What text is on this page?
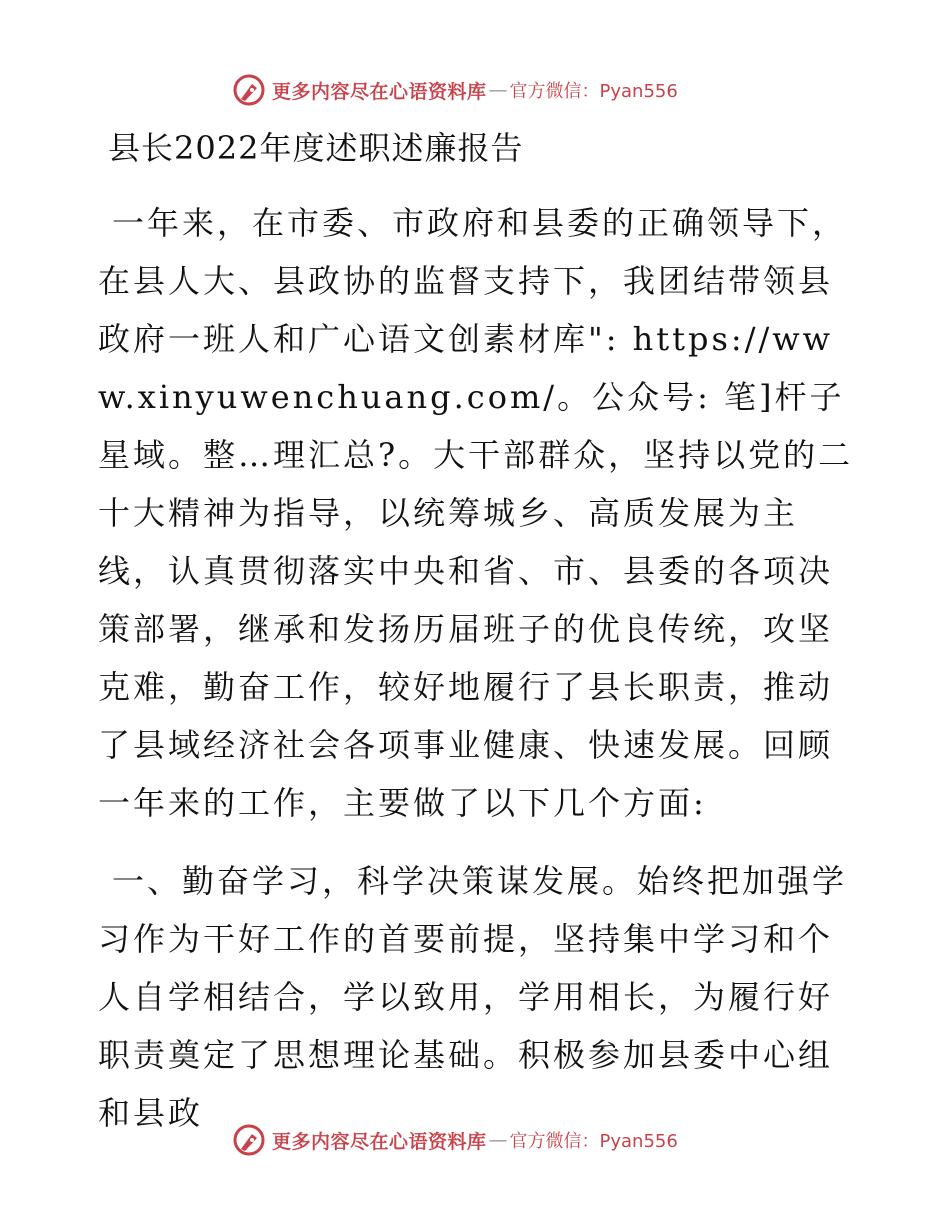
更多内容尽在心语资料库 — 官方微信：Pyan556
县长2022年度述职述廉报告

一年来，在市委、市政府和县委的正确领导下，在县人大、县政协的监督支持下，我团结带领县政府一班人和广心语文创素材库": https://www.xinyuwenchuang.com/。公众号: 笔]杆子星域。整…理汇总?。大干部群众，坚持以党的二十大精神为指导，以统筹城乡、高质发展为主线，认真贯彻落实中央和省、市、县委的各项决策部署，继承和发扬历届班子的优良传统，攻坚克难，勤奋工作，较好地履行了县长职责，推动了县域经济社会各项事业健康、快速发展。回顾一年来的工作，主要做了以下几个方面:

一、勤奋学习，科学决策谋发展。始终把加强学习作为干好工作的首要前提，坚持集中学习和个人自学相结合，学以致用，学用相长，为履行好职责奠定了思想理论基础。积极参加县委中心组和县政

更多内容尽在心语资料库 — 官方微信：Pyan556
